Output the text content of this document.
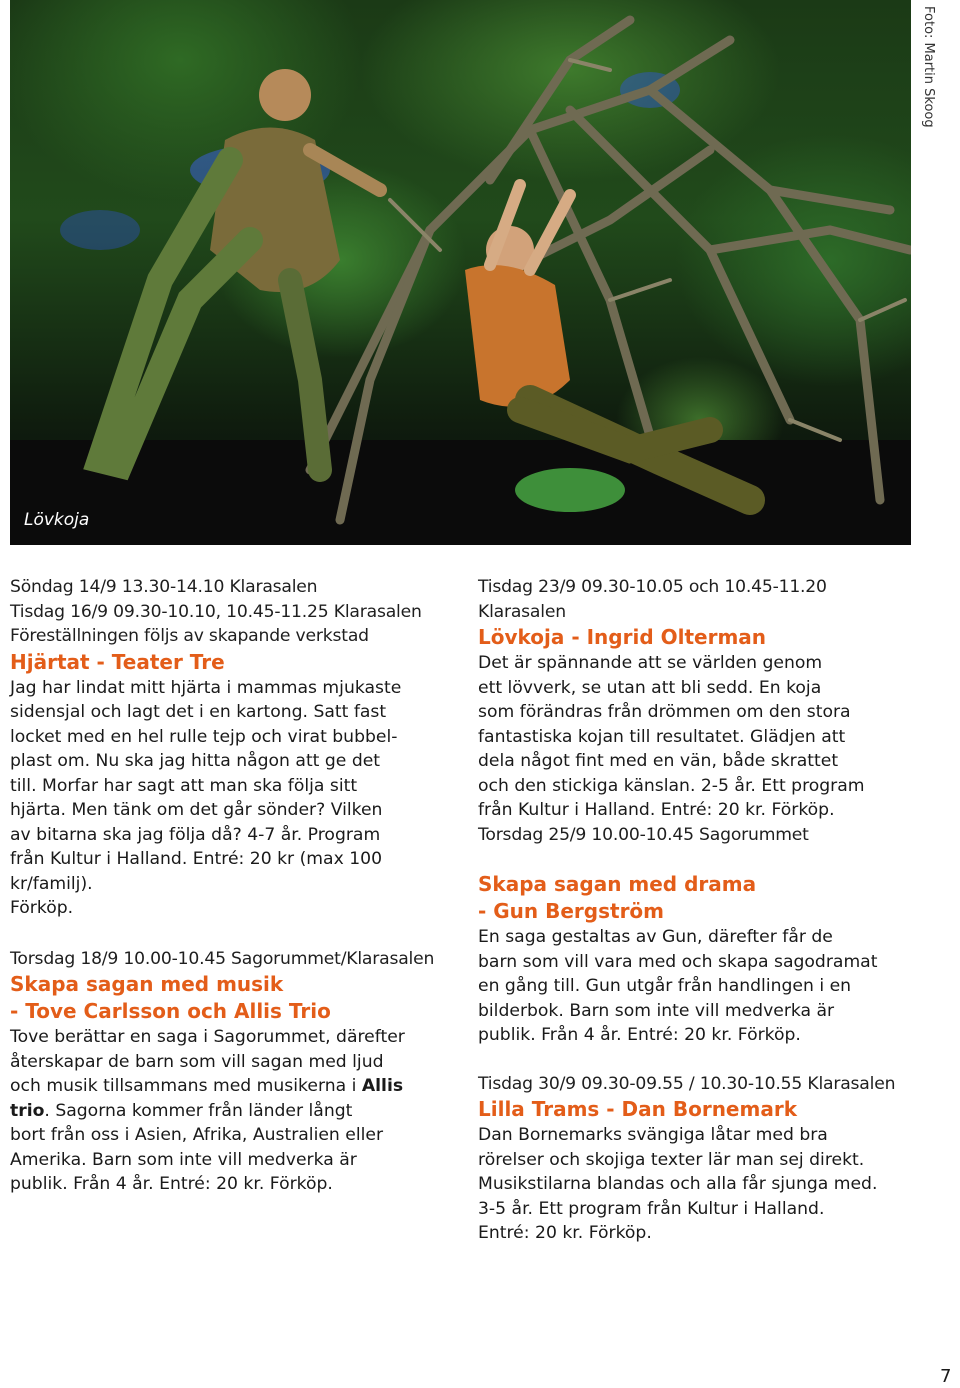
Lövkoja
Foto: Martin Skoog
Söndag 14/9 13.30-14.10 Klarasalen
Tisdag 16/9 09.30-10.10, 10.45-11.25 Klarasalen
Föreställningen följs av skapande verkstad
Hjärtat - Teater Tre
Jag har lindat mitt hjärta i mammas mjukaste
sidensjal och lagt det i en kartong. Satt fast
locket med en hel rulle tejp och virat bubbel-
plast om. Nu ska jag hitta någon att ge det
till. Morfar har sagt att man ska följa sitt
hjärta. Men tänk om det går sönder? Vilken
av bitarna ska jag följa då? 4-7 år. Program
från Kultur i Halland. Entré: 20 kr (max 100
kr/familj).
Förköp.
Torsdag 18/9 10.00-10.45 Sagorummet/Klarasalen
Skapa sagan med musik
- Tove Carlsson och Allis Trio
Tove berättar en saga i Sagorummet, därefter
återskapar de barn som vill sagan med ljud
och musik tillsammans med musikerna i Allis
trio. Sagorna kommer från länder långt
bort från oss i Asien, Afrika, Australien eller
Amerika. Barn som inte vill medverka är
publik. Från 4 år. Entré: 20 kr. Förköp.
Tisdag 23/9 09.30-10.05 och 10.45-11.20
Klarasalen
Lövkoja - Ingrid Olterman
Det är spännande att se världen genom
ett lövverk, se utan att bli sedd. En koja
som förändras från drömmen om den stora
fantastiska kojan till resultatet. Glädjen att
dela något fint med en vän, både skrattet
och den stickiga känslan. 2-5 år. Ett program
från Kultur i Halland. Entré: 20 kr. Förköp.
Torsdag 25/9 10.00-10.45 Sagorummet
Skapa sagan med drama
- Gun Bergström
En saga gestaltas av Gun, därefter får de
barn som vill vara med och skapa sagodramat
en gång till. Gun utgår från handlingen i en
bilderbok. Barn som inte vill medverka är
publik. Från 4 år. Entré: 20 kr. Förköp.
Tisdag 30/9 09.30-09.55 / 10.30-10.55 Klarasalen
Lilla Trams - Dan Bornemark
Dan Bornemarks svängiga låtar med bra
rörelser och skojiga texter lär man sej direkt.
Musikstilarna blandas och alla får sjunga med.
3-5 år. Ett program från Kultur i Halland.
Entré: 20 kr. Förköp.
7
